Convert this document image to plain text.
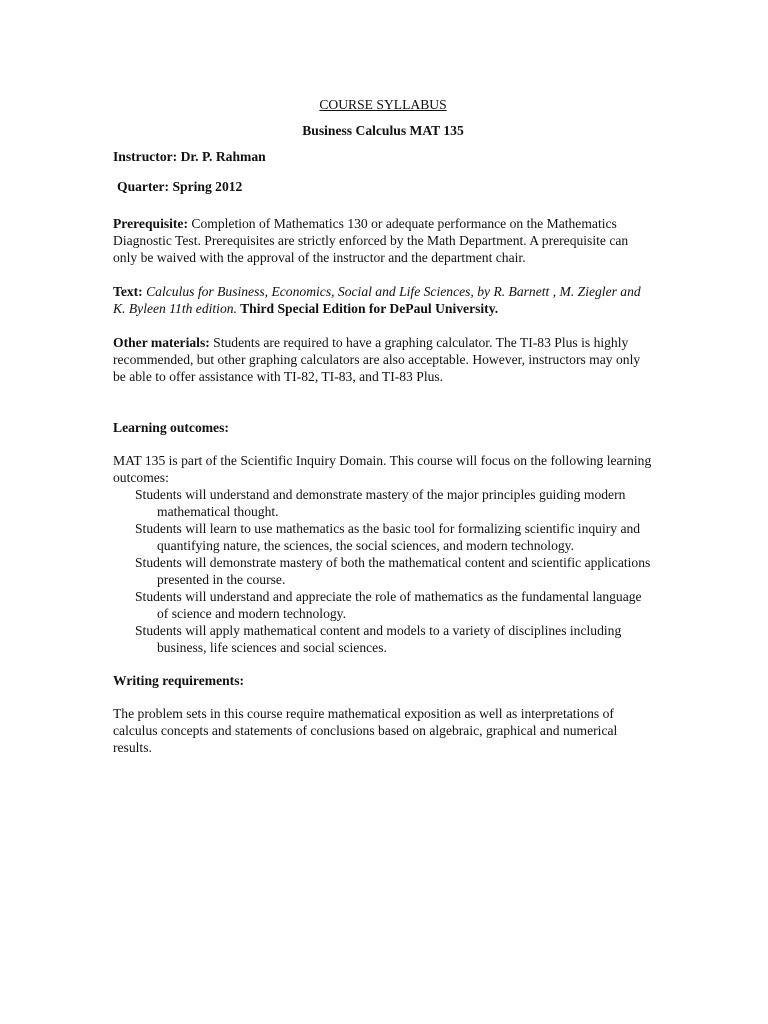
COURSE SYLLABUS
Business Calculus MAT 135

Instructor: Dr. P. Rahman

Quarter: Spring 2012

Prerequisite: Completion of Mathematics 130 or adequate performance on the Mathematics Diagnostic Test. Prerequisites are strictly enforced by the Math Department. A prerequisite can only be waived with the approval of the instructor and the department chair.

Text: Calculus for Business, Economics, Social and Life Sciences, by R. Barnett , M. Ziegler and K. Byleen 11th edition. Third Special Edition for DePaul University.

Other materials: Students are required to have a graphing calculator. The TI-83 Plus is highly recommended, but other graphing calculators are also acceptable. However, instructors may only be able to offer assistance with TI-82, TI-83, and TI-83 Plus.

Learning outcomes:

MAT 135 is part of the Scientific Inquiry Domain. This course will focus on the following learning outcomes:

Students will understand and demonstrate mastery of the major principles guiding modern mathematical thought.
Students will learn to use mathematics as the basic tool for formalizing scientific inquiry and quantifying nature, the sciences, the social sciences, and modern technology.
Students will demonstrate mastery of both the mathematical content and scientific applications presented in the course.
Students will understand and appreciate the role of mathematics as the fundamental language of science and modern technology.
Students will apply mathematical content and models to a variety of disciplines including business, life sciences and social sciences.

Writing requirements:

The problem sets in this course require mathematical exposition as well as interpretations of calculus concepts and statements of conclusions based on algebraic, graphical and numerical results.
